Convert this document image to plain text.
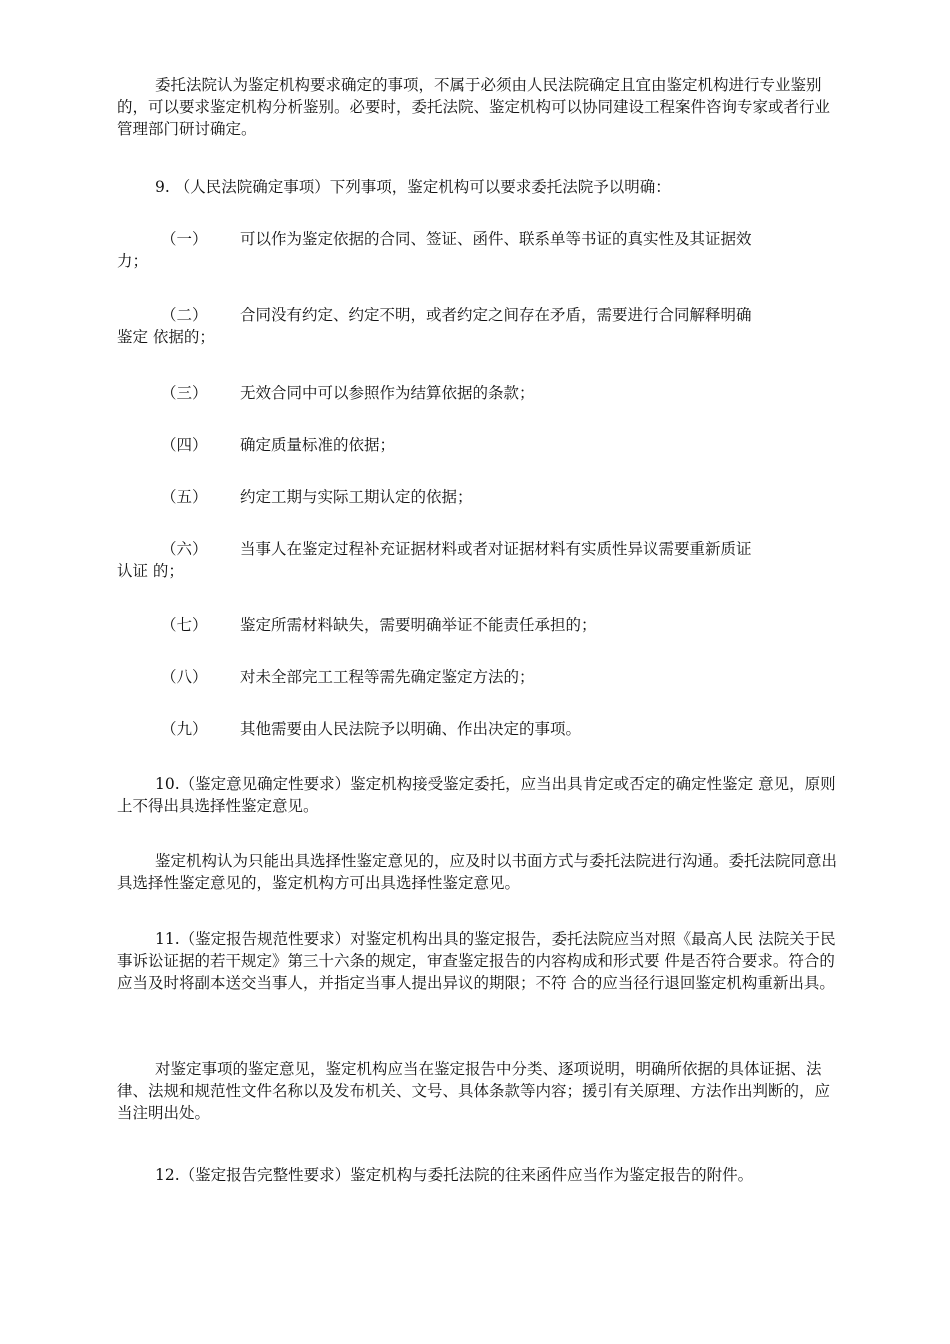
委托法院认为鉴定机构要求确定的事项，不属于必须由人民法院确定且宜由鉴定机构进行专业鉴别的，可以要求鉴定机构分析鉴别。必要时，委托法院、鉴定机构可以协同建设工程案件咨询专家或者行业管理部门研讨确定。

9. （人民法院确定事项）下列事项，鉴定机构可以要求委托法院予以明确：

（一）	可以作为鉴定依据的合同、签证、函件、联系单等书证的真实性及其证据效
力；
（二）	合同没有约定、约定不明，或者约定之间存在矛盾，需要进行合同解释明确
鉴定 依据的；
（三）	无效合同中可以参照作为结算依据的条款；
（四）	确定质量标准的依据；
（五）	约定工期与实际工期认定的依据；
（六）	当事人在鉴定过程补充证据材料或者对证据材料有实质性异议需要重新质证
认证 的；
（七）	鉴定所需材料缺失，需要明确举证不能责任承担的；
（八）	对未全部完工工程等需先确定鉴定方法的；
（九）	其他需要由人民法院予以明确、作出决定的事项。

10.（鉴定意见确定性要求）鉴定机构接受鉴定委托，应当出具肯定或否定的确定性鉴定 意见，原则上不得出具选择性鉴定意见。

鉴定机构认为只能出具选择性鉴定意见的，应及时以书面方式与委托法院进行沟通。委托法院同意出具选择性鉴定意见的，鉴定机构方可出具选择性鉴定意见。

11.（鉴定报告规范性要求）对鉴定机构出具的鉴定报告，委托法院应当对照《最高人民 法院关于民事诉讼证据的若干规定》第三十六条的规定，审查鉴定报告的内容构成和形式要 件是否符合要求。符合的应当及时将副本送交当事人，并指定当事人提出异议的期限；不符 合的应当径行退回鉴定机构重新出具。

对鉴定事项的鉴定意见，鉴定机构应当在鉴定报告中分类、逐项说明，明确所依据的具体证据、法律、法规和规范性文件名称以及发布机关、文号、具体条款等内容；援引有关原理、方法作出判断的，应当注明出处。

12.（鉴定报告完整性要求）鉴定机构与委托法院的往来函件应当作为鉴定报告的附件。
